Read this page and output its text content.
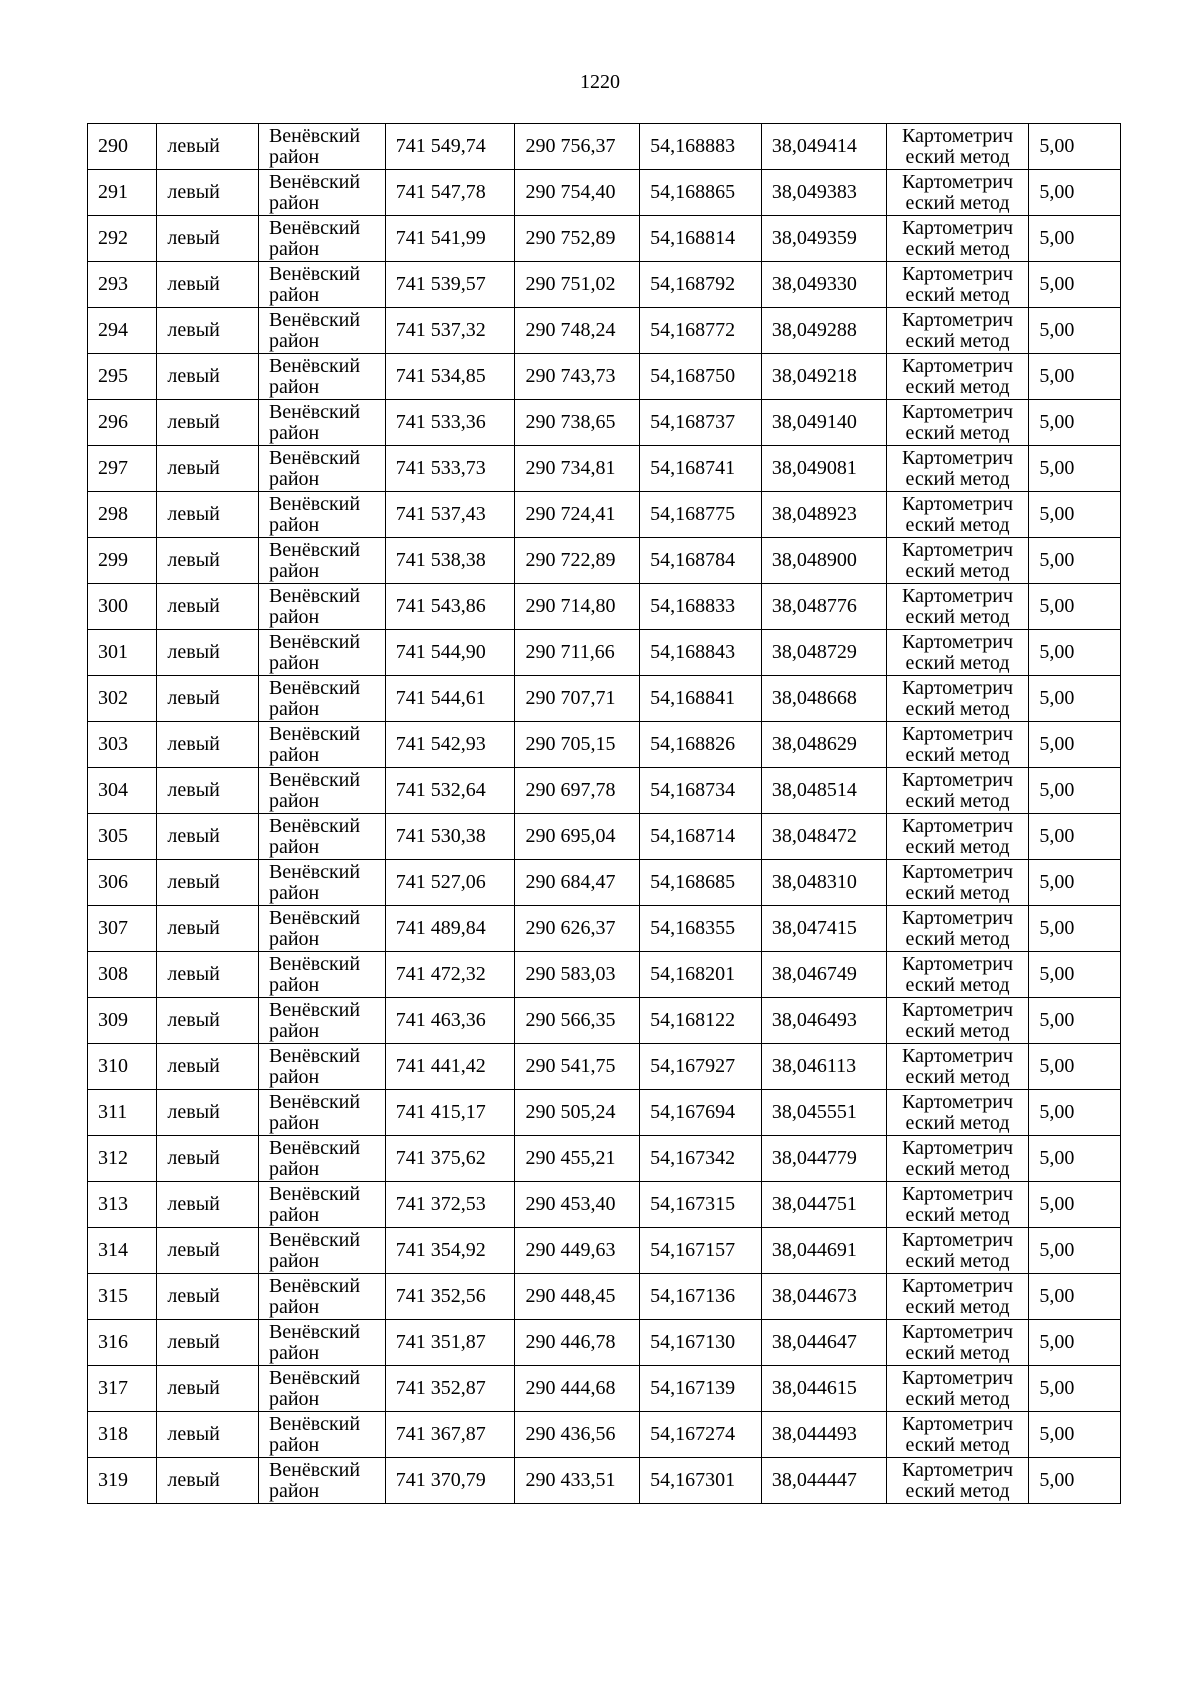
1220
290	левый	Венёвский район	741 549,74	290 756,37	54,168883	38,049414	Картометрич еский метод	5,00
291	левый	Венёвский район	741 547,78	290 754,40	54,168865	38,049383	Картометрич еский метод	5,00
292	левый	Венёвский район	741 541,99	290 752,89	54,168814	38,049359	Картометрич еский метод	5,00
293	левый	Венёвский район	741 539,57	290 751,02	54,168792	38,049330	Картометрич еский метод	5,00
294	левый	Венёвский район	741 537,32	290 748,24	54,168772	38,049288	Картометрич еский метод	5,00
295	левый	Венёвский район	741 534,85	290 743,73	54,168750	38,049218	Картометрич еский метод	5,00
296	левый	Венёвский район	741 533,36	290 738,65	54,168737	38,049140	Картометрич еский метод	5,00
297	левый	Венёвский район	741 533,73	290 734,81	54,168741	38,049081	Картометрич еский метод	5,00
298	левый	Венёвский район	741 537,43	290 724,41	54,168775	38,048923	Картометрич еский метод	5,00
299	левый	Венёвский район	741 538,38	290 722,89	54,168784	38,048900	Картометрич еский метод	5,00
300	левый	Венёвский район	741 543,86	290 714,80	54,168833	38,048776	Картометрич еский метод	5,00
301	левый	Венёвский район	741 544,90	290 711,66	54,168843	38,048729	Картометрич еский метод	5,00
302	левый	Венёвский район	741 544,61	290 707,71	54,168841	38,048668	Картометрич еский метод	5,00
303	левый	Венёвский район	741 542,93	290 705,15	54,168826	38,048629	Картометрич еский метод	5,00
304	левый	Венёвский район	741 532,64	290 697,78	54,168734	38,048514	Картометрич еский метод	5,00
305	левый	Венёвский район	741 530,38	290 695,04	54,168714	38,048472	Картометрич еский метод	5,00
306	левый	Венёвский район	741 527,06	290 684,47	54,168685	38,048310	Картометрич еский метод	5,00
307	левый	Венёвский район	741 489,84	290 626,37	54,168355	38,047415	Картометрич еский метод	5,00
308	левый	Венёвский район	741 472,32	290 583,03	54,168201	38,046749	Картометрич еский метод	5,00
309	левый	Венёвский район	741 463,36	290 566,35	54,168122	38,046493	Картометрич еский метод	5,00
310	левый	Венёвский район	741 441,42	290 541,75	54,167927	38,046113	Картометрич еский метод	5,00
311	левый	Венёвский район	741 415,17	290 505,24	54,167694	38,045551	Картометрич еский метод	5,00
312	левый	Венёвский район	741 375,62	290 455,21	54,167342	38,044779	Картометрич еский метод	5,00
313	левый	Венёвский район	741 372,53	290 453,40	54,167315	38,044751	Картометрич еский метод	5,00
314	левый	Венёвский район	741 354,92	290 449,63	54,167157	38,044691	Картометрич еский метод	5,00
315	левый	Венёвский район	741 352,56	290 448,45	54,167136	38,044673	Картометрич еский метод	5,00
316	левый	Венёвский район	741 351,87	290 446,78	54,167130	38,044647	Картометрич еский метод	5,00
317	левый	Венёвский район	741 352,87	290 444,68	54,167139	38,044615	Картометрич еский метод	5,00
318	левый	Венёвский район	741 367,87	290 436,56	54,167274	38,044493	Картометрич еский метод	5,00
319	левый	Венёвский район	741 370,79	290 433,51	54,167301	38,044447	Картометрич еский метод	5,00
